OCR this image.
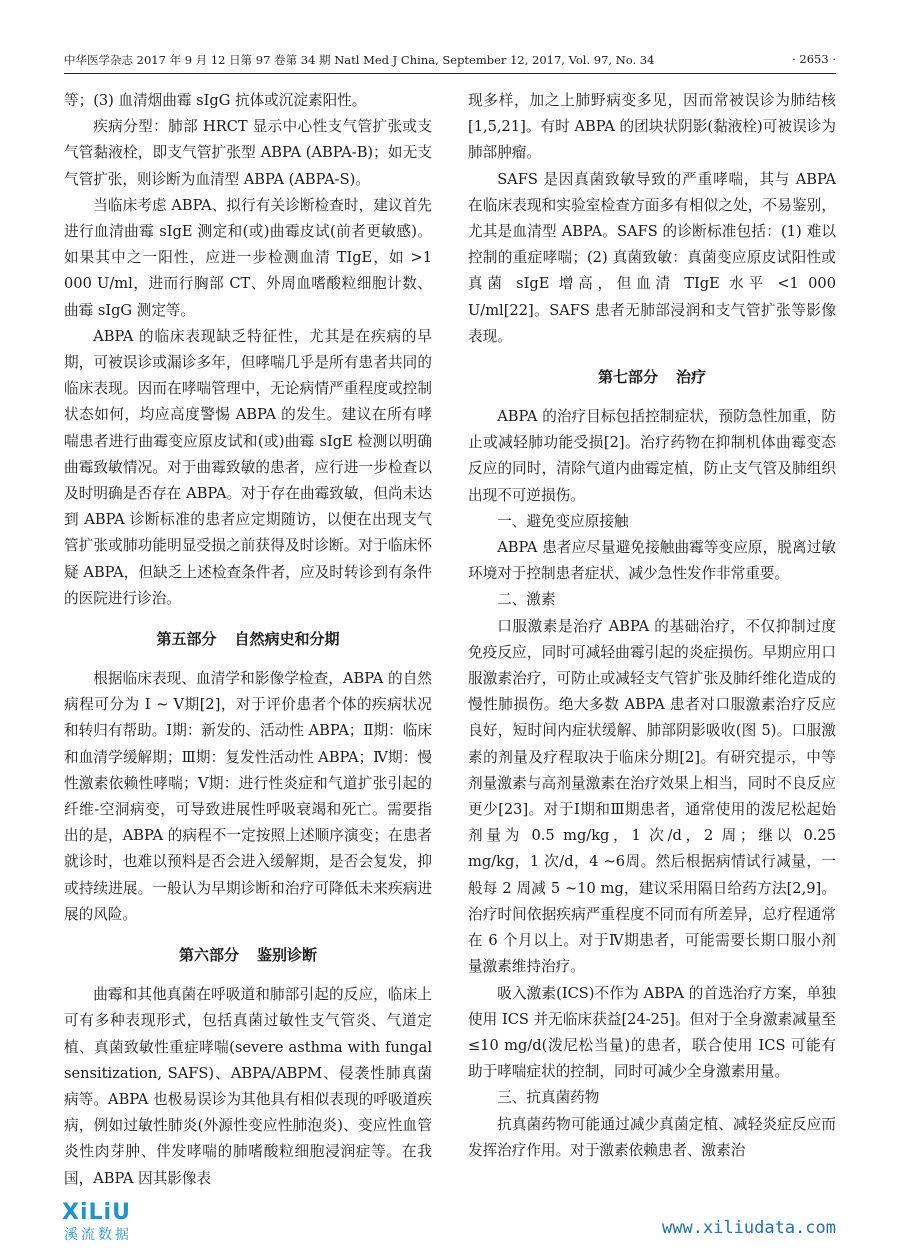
中华医学杂志 2017 年 9 月 12 日第 97 卷第 34 期 Natl Med J China, September 12, 2017, Vol. 97, No. 34	· 2653 ·

等；(3) 血清烟曲霉 sIgG 抗体或沉淀素阳性。

疾病分型：肺部 HRCT 显示中心性支气管扩张或支气管黏液栓，即支气管扩张型 ABPA (ABPA-B)；如无支气管扩张，则诊断为血清型 ABPA (ABPA-S)。

当临床考虑 ABPA、拟行有关诊断检查时，建议首先进行血清曲霉 sIgE 测定和(或)曲霉皮试(前者更敏感)。如果其中之一阳性，应进一步检测血清 TIgE，如 >1 000 U/ml，进而行胸部 CT、外周血嗜酸粒细胞计数、曲霉 sIgG 测定等。

ABPA 的临床表现缺乏特征性，尤其是在疾病的早期，可被误诊或漏诊多年，但哮喘几乎是所有患者共同的临床表现。因而在哮喘管理中，无论病情严重程度或控制状态如何，均应高度警惕 ABPA 的发生。建议在所有哮喘患者进行曲霉变应原皮试和(或)曲霉 sIgE 检测以明确曲霉致敏情况。对于曲霉致敏的患者，应行进一步检查以及时明确是否存在 ABPA。对于存在曲霉致敏，但尚未达到 ABPA 诊断标准的患者应定期随访，以便在出现支气管扩张或肺功能明显受损之前获得及时诊断。对于临床怀疑 ABPA，但缺乏上述检查条件者，应及时转诊到有条件的医院进行诊治。

第五部分 自然病史和分期

根据临床表现、血清学和影像学检查，ABPA 的自然病程可分为 Ⅰ ~ Ⅴ期[2]，对于评价患者个体的疾病状况和转归有帮助。Ⅰ期：新发的、活动性 ABPA；Ⅱ期：临床和血清学缓解期；Ⅲ期：复发性活动性 ABPA；Ⅳ期：慢性激素依赖性哮喘；Ⅴ期：进行性炎症和气道扩张引起的纤维-空洞病变，可导致进展性呼吸衰竭和死亡。需要指出的是，ABPA 的病程不一定按照上述顺序演变；在患者就诊时，也难以预料是否会进入缓解期，是否会复发，抑或持续进展。一般认为早期诊断和治疗可降低未来疾病进展的风险。

第六部分 鉴别诊断

曲霉和其他真菌在呼吸道和肺部引起的反应，临床上可有多种表现形式，包括真菌过敏性支气管炎、气道定植、真菌致敏性重症哮喘(severe asthma with fungal sensitization, SAFS)、ABPA/ABPM、侵袭性肺真菌病等。ABPA 也极易误诊为其他具有相似表现的呼吸道疾病，例如过敏性肺炎(外源性变应性肺泡炎)、变应性血管炎性肉芽肿、伴发哮喘的肺嗜酸粒细胞浸润症等。在我国，ABPA 因其影像表

现多样，加之上肺野病变多见，因而常被误诊为肺结核[1,5,21]。有时 ABPA 的团块状阴影(黏液栓)可被误诊为肺部肿瘤。

SAFS 是因真菌致敏导致的严重哮喘，其与 ABPA 在临床表现和实验室检查方面多有相似之处，不易鉴别，尤其是血清型 ABPA。SAFS 的诊断标准包括：(1) 难以控制的重症哮喘；(2) 真菌致敏：真菌变应原皮试阳性或真菌 sIgE 增高，但血清 TIgE 水平 <1 000 U/ml[22]。SAFS 患者无肺部浸润和支气管扩张等影像表现。

第七部分 治疗

ABPA 的治疗目标包括控制症状，预防急性加重，防止或减轻肺功能受损[2]。治疗药物在抑制机体曲霉变态反应的同时，清除气道内曲霉定植，防止支气管及肺组织出现不可逆损伤。

一、避免变应原接触

ABPA 患者应尽量避免接触曲霉等变应原，脱离过敏环境对于控制患者症状、减少急性发作非常重要。

二、激素

口服激素是治疗 ABPA 的基础治疗，不仅抑制过度免疫反应，同时可减轻曲霉引起的炎症损伤。早期应用口服激素治疗，可防止或减轻支气管扩张及肺纤维化造成的慢性肺损伤。绝大多数 ABPA 患者对口服激素治疗反应良好，短时间内症状缓解、肺部阴影吸收(图 5)。口服激素的剂量及疗程取决于临床分期[2]。有研究提示，中等剂量激素与高剂量激素在治疗效果上相当，同时不良反应更少[23]。对于Ⅰ期和Ⅲ期患者，通常使用的泼尼松起始剂量为 0.5 mg/kg，1 次/d，2 周；继以 0.25 mg/kg，1 次/d，4 ~6周。然后根据病情试行减量，一般每 2 周减 5 ~10 mg，建议采用隔日给药方法[2,9]。治疗时间依据疾病严重程度不同而有所差异，总疗程通常在 6 个月以上。对于Ⅳ期患者，可能需要长期口服小剂量激素维持治疗。

吸入激素(ICS)不作为 ABPA 的首选治疗方案，单独使用 ICS 并无临床获益[24-25]。但对于全身激素减量至 ≤10 mg/d(泼尼松当量)的患者，联合使用 ICS 可能有助于哮喘症状的控制，同时可减少全身激素用量。

三、抗真菌药物

抗真菌药物可能通过减少真菌定植、减轻炎症反应而发挥治疗作用。对于激素依赖患者、激素治

XiLiU
溪流数据	www.xiliudata.com
